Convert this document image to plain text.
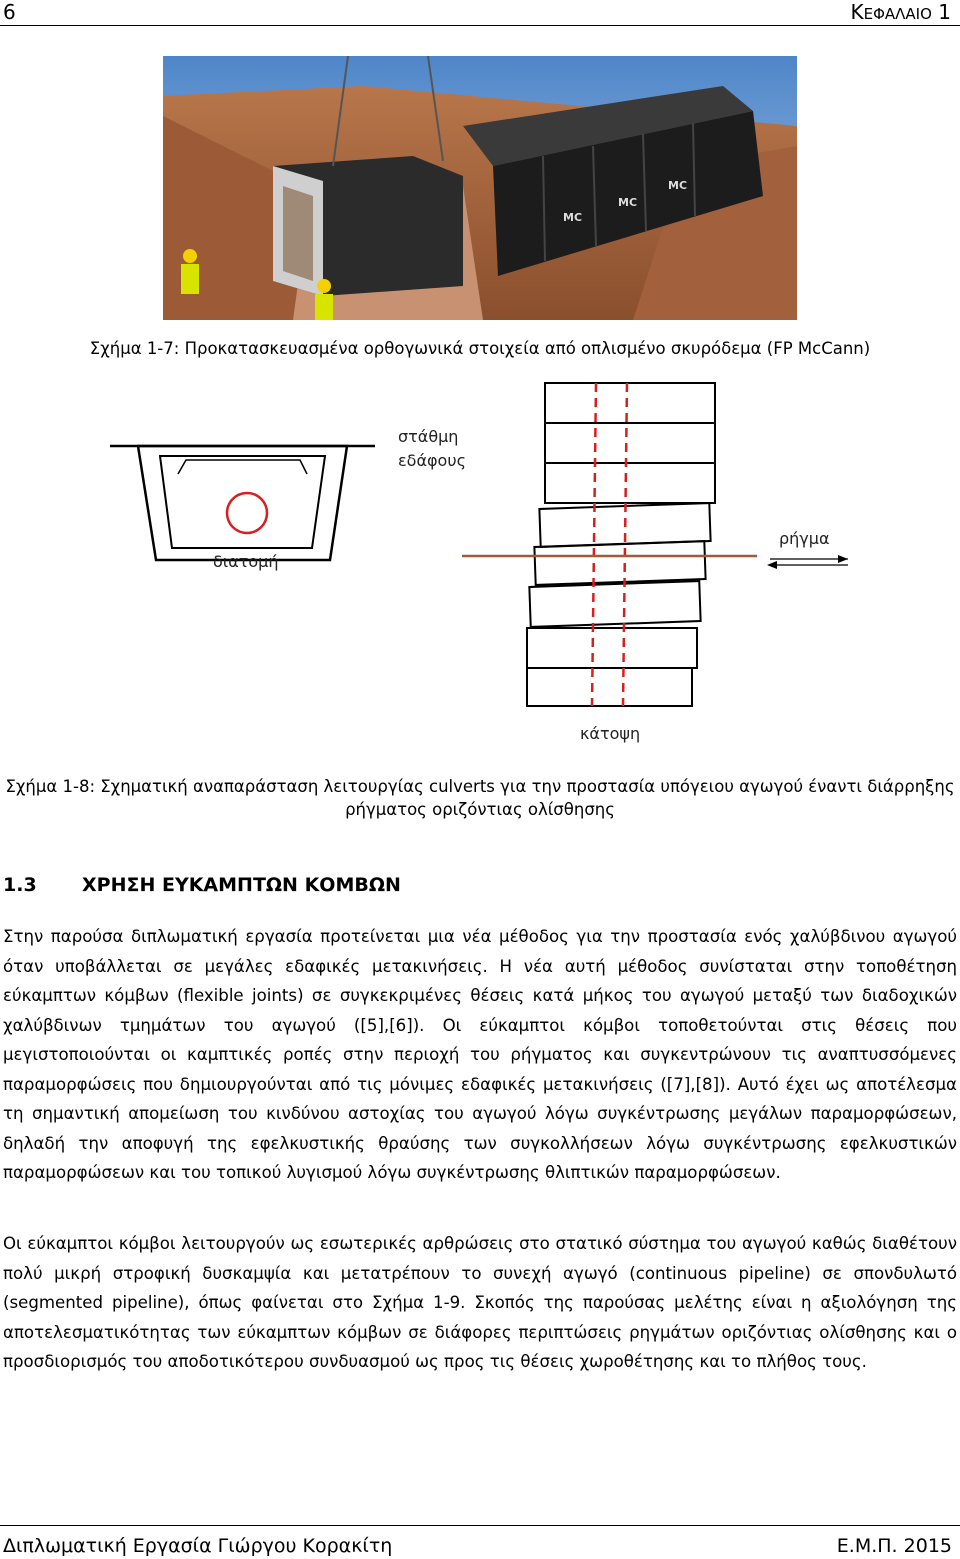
6	ΚΕΦΑΛΑΙΟ 1
MC
MC
MC
Σχήμα 1-7: Προκατασκευασμένα ορθογωνικά στοιχεία από οπλισμένο σκυρόδεμα (FP McCann)
διατομή
στάθμη
εδάφους
ρήγμα
κάτοψη
Σχήμα 1-8: Σχηματική αναπαράσταση λειτουργίας culverts για την προστασία υπόγειου αγωγού έναντι διάρρηξης
ρήγματος οριζόντιας ολίσθησης
1.3 ΧΡΗΣΗ ΕΥΚΑΜΠΤΩΝ ΚΟΜΒΩΝ
Στην παρούσα διπλωματική εργασία προτείνεται μια νέα μέθοδος για την προστασία ενός χαλύβδινου αγωγού όταν υποβάλλεται σε μεγάλες εδαφικές μετακινήσεις. Η νέα αυτή μέθοδος συνίσταται στην τοποθέτηση εύκαμπτων κόμβων (flexible joints) σε συγκεκριμένες θέσεις κατά μήκος του αγωγού μεταξύ των διαδοχικών χαλύβδινων τμημάτων του αγωγού ([5],[6]). Οι εύκαμπτοι κόμβοι τοποθετούνται στις θέσεις που μεγιστοποιούνται οι καμπτικές ροπές στην περιοχή του ρήγματος και συγκεντρώνουν τις αναπτυσσόμενες παραμορφώσεις που δημιουργούνται από τις μόνιμες εδαφικές μετακινήσεις ([7],[8]). Αυτό έχει ως αποτέλεσμα τη σημαντική απομείωση του κινδύνου αστοχίας του αγωγού λόγω συγκέντρωσης μεγάλων παραμορφώσεων, δηλαδή την αποφυγή της εφελκυστικής θραύσης των συγκολλήσεων λόγω συγκέντρωσης εφελκυστικών παραμορφώσεων και του τοπικού λυγισμού λόγω συγκέντρωσης θλιπτικών παραμορφώσεων.
Οι εύκαμπτοι κόμβοι λειτουργούν ως εσωτερικές αρθρώσεις στο στατικό σύστημα του αγωγού καθώς διαθέτουν πολύ μικρή στροφική δυσκαμψία και μετατρέπουν το συνεχή αγωγό (continuous pipeline) σε σπονδυλωτό (segmented pipeline), όπως φαίνεται στο Σχήμα 1-9. Σκοπός της παρούσας μελέτης είναι η αξιολόγηση της αποτελεσματικότητας των εύκαμπτων κόμβων σε διάφορες περιπτώσεις ρηγμάτων οριζόντιας ολίσθησης και ο προσδιορισμός του αποδοτικότερου συνδυασμού ως προς τις θέσεις χωροθέτησης και το πλήθος τους.
Διπλωματική Εργασία Γιώργου Κορακίτη	Ε.Μ.Π. 2015
